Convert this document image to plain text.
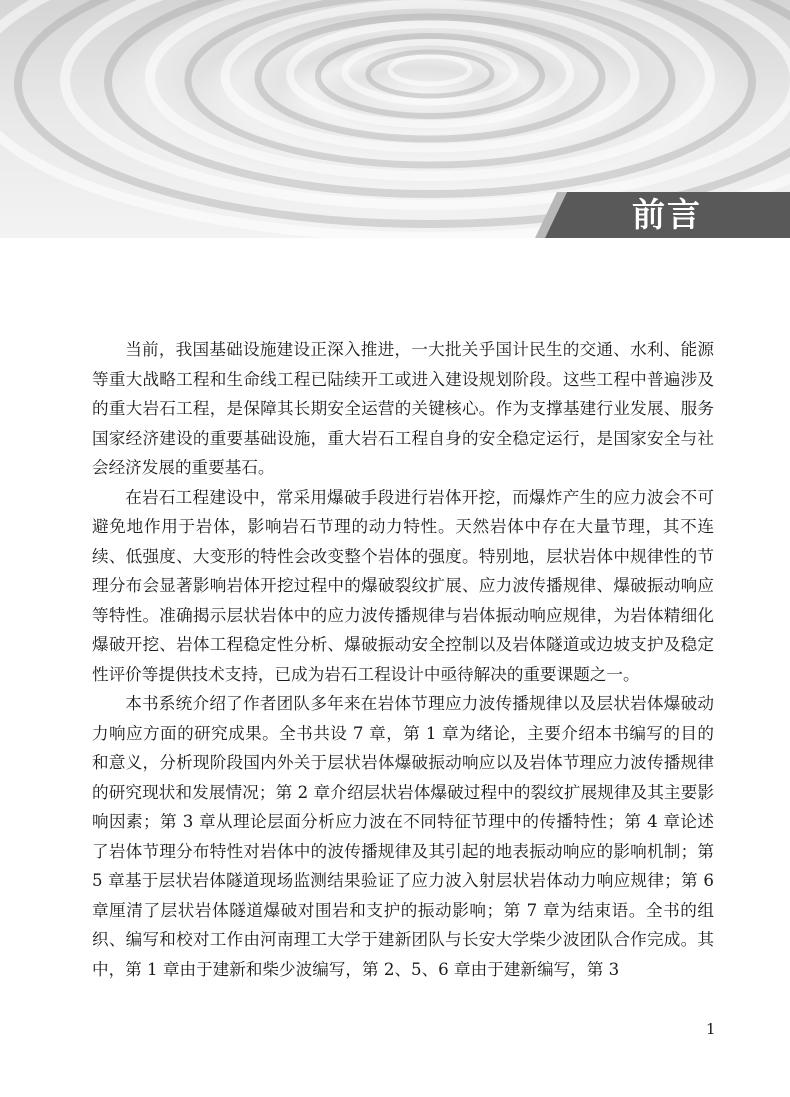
前言

当前，我国基础设施建设正深入推进，一大批关乎国计民生的交通、水利、能源等重大战略工程和生命线工程已陆续开工或进入建设规划阶段。这些工程中普遍涉及的重大岩石工程，是保障其长期安全运营的关键核心。作为支撑基建行业发展、服务国家经济建设的重要基础设施，重大岩石工程自身的安全稳定运行，是国家安全与社会经济发展的重要基石。

在岩石工程建设中，常采用爆破手段进行岩体开挖，而爆炸产生的应力波会不可避免地作用于岩体，影响岩石节理的动力特性。天然岩体中存在大量节理，其不连续、低强度、大变形的特性会改变整个岩体的强度。特别地，层状岩体中规律性的节理分布会显著影响岩体开挖过程中的爆破裂纹扩展、应力波传播规律、爆破振动响应等特性。准确揭示层状岩体中的应力波传播规律与岩体振动响应规律，为岩体精细化爆破开挖、岩体工程稳定性分析、爆破振动安全控制以及岩体隧道或边坡支护及稳定性评价等提供技术支持，已成为岩石工程设计中亟待解决的重要课题之一。

本书系统介绍了作者团队多年来在岩体节理应力波传播规律以及层状岩体爆破动力响应方面的研究成果。全书共设 7 章，第 1 章为绪论，主要介绍本书编写的目的和意义，分析现阶段国内外关于层状岩体爆破振动响应以及岩体节理应力波传播规律的研究现状和发展情况；第 2 章介绍层状岩体爆破过程中的裂纹扩展规律及其主要影响因素；第 3 章从理论层面分析应力波在不同特征节理中的传播特性；第 4 章论述了岩体节理分布特性对岩体中的波传播规律及其引起的地表振动响应的影响机制；第 5 章基于层状岩体隧道现场监测结果验证了应力波入射层状岩体动力响应规律；第 6 章厘清了层状岩体隧道爆破对围岩和支护的振动影响；第 7 章为结束语。全书的组织、编写和校对工作由河南理工大学于建新团队与长安大学柴少波团队合作完成。其中，第 1 章由于建新和柴少波编写，第 2、5、6 章由于建新编写，第 3

1
